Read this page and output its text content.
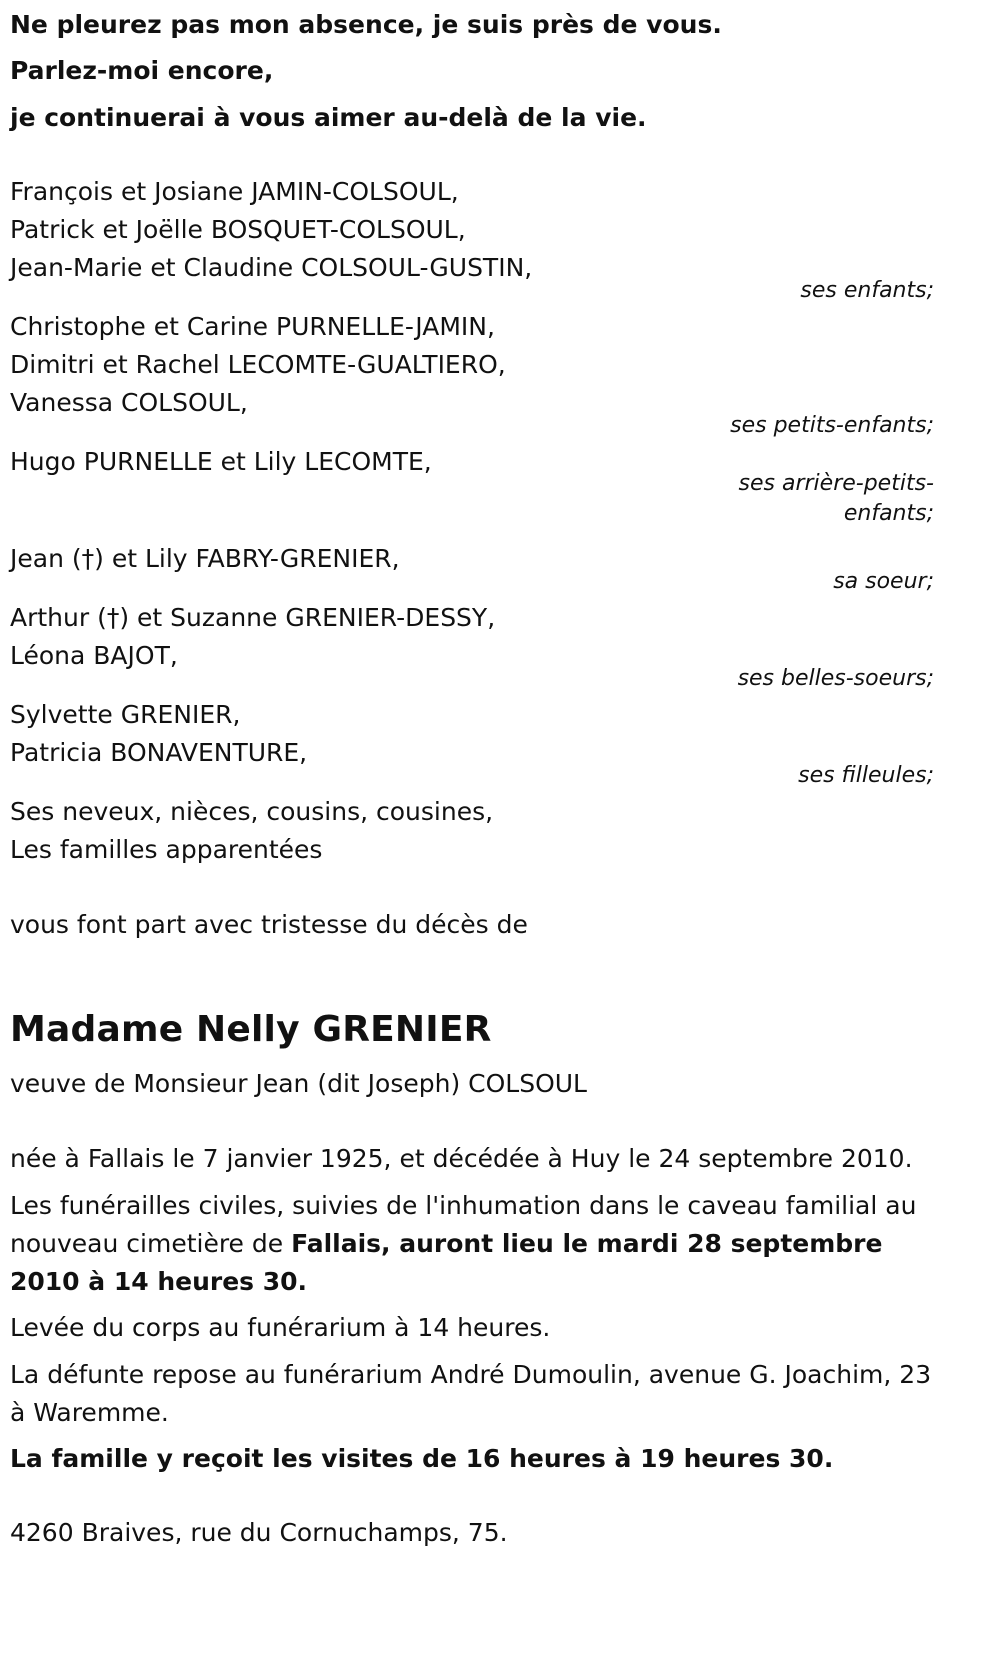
Ne pleurez pas mon absence, je suis près de vous.
Parlez-moi encore,
je continuerai à vous aimer au-delà de la vie.
François et Josiane JAMIN-COLSOUL,
Patrick et Joëlle BOSQUET-COLSOUL,
Jean-Marie et Claudine COLSOUL-GUSTIN,
ses enfants;
Christophe et Carine PURNELLE-JAMIN,
Dimitri et Rachel LECOMTE-GUALTIERO,
Vanessa COLSOUL,
ses petits-enfants;
Hugo PURNELLE et Lily LECOMTE,
ses arrière-petits-enfants;
Jean (†) et Lily FABRY-GRENIER,
sa soeur;
Arthur (†) et Suzanne GRENIER-DESSY,
Léona BAJOT,
ses belles-soeurs;
Sylvette GRENIER,
Patricia BONAVENTURE,
ses filleules;
Ses neveux, nièces, cousins, cousines,
Les familles apparentées
vous font part avec tristesse du décès de
Madame Nelly GRENIER
veuve de Monsieur Jean (dit Joseph) COLSOUL
née à Fallais le 7 janvier 1925, et décédée à Huy le 24 septembre 2010.
Les funérailles civiles, suivies de l'inhumation dans le caveau familial au nouveau cimetière de Fallais, auront lieu le mardi 28 septembre 2010 à 14 heures 30.
Levée du corps au funérarium à 14 heures.
La défunte repose au funérarium André Dumoulin, avenue G. Joachim, 23 à Waremme.
La famille y reçoit les visites de 16 heures à 19 heures 30.
4260 Braives, rue du Cornuchamps, 75.
